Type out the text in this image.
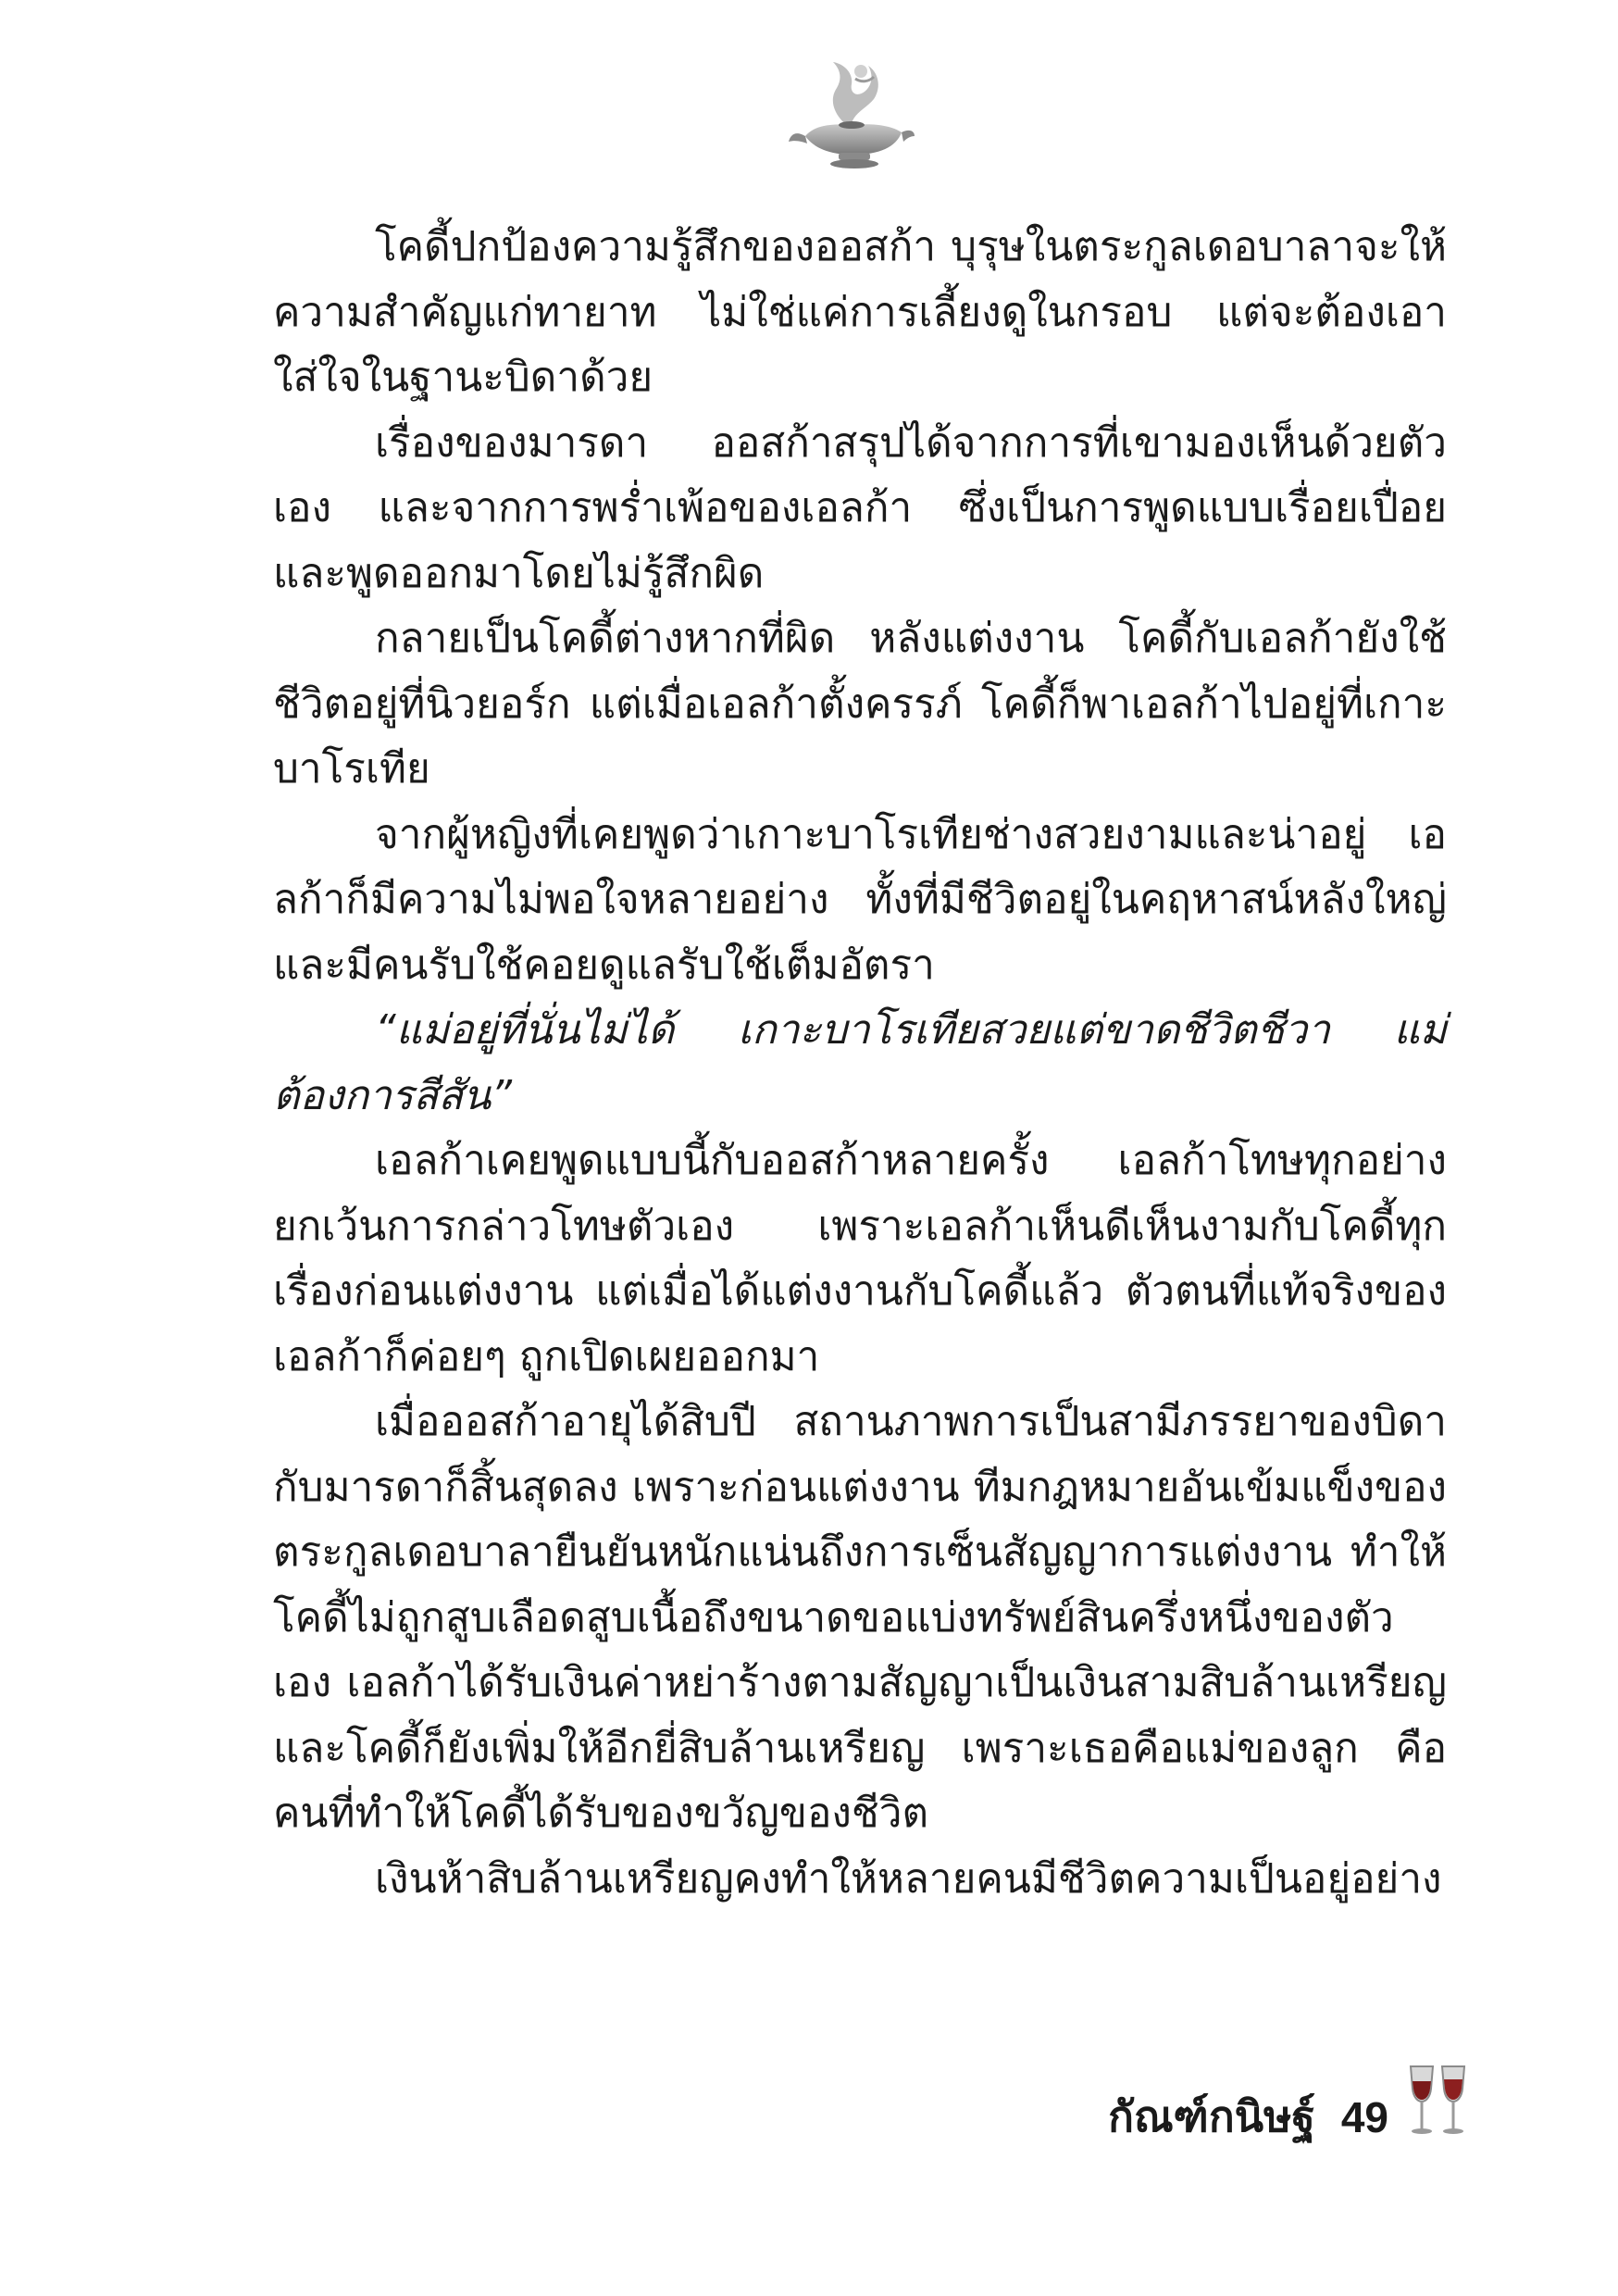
โคดี้ปกป้องความรู้สึกของออสก้า บุรุษในตระกูลเดอบาลาจะให้ความสำคัญแก่ทายาท ไม่ใช่แค่การเลี้ยงดูในกรอบ แต่จะต้องเอาใส่ใจในฐานะบิดาด้วย

เรื่องของมารดา ออสก้าสรุปได้จากการที่เขามองเห็นด้วยตัวเอง และจากการพร่ำเพ้อของเอลก้า ซึ่งเป็นการพูดแบบเรื่อยเปื่อย และพูดออกมาโดยไม่รู้สึกผิด

กลายเป็นโคดี้ต่างหากที่ผิด หลังแต่งงาน โคดี้กับเอลก้ายังใช้ชีวิตอยู่ที่นิวยอร์ก แต่เมื่อเอลก้าตั้งครรภ์ โคดี้ก็พาเอลก้าไปอยู่ที่เกาะบาโรเทีย

จากผู้หญิงที่เคยพูดว่าเกาะบาโรเทียช่างสวยงามและน่าอยู่ เอลก้าก็มีความไม่พอใจหลายอย่าง ทั้งที่มีชีวิตอยู่ในคฤหาสน์หลังใหญ่และมีคนรับใช้คอยดูแลรับใช้เต็มอัตรา

“แม่อยู่ที่นั่นไม่ได้ เกาะบาโรเทียสวยแต่ขาดชีวิตชีวา แม่ต้องการสีสัน”

เอลก้าเคยพูดแบบนี้กับออสก้าหลายครั้ง เอลก้าโทษทุกอย่างยกเว้นการกล่าวโทษตัวเอง เพราะเอลก้าเห็นดีเห็นงามกับโคดี้ทุกเรื่องก่อนแต่งงาน แต่เมื่อได้แต่งงานกับโคดี้แล้ว ตัวตนที่แท้จริงของเอลก้าก็ค่อยๆ ถูกเปิดเผยออกมา

เมื่อออสก้าอายุได้สิบปี สถานภาพการเป็นสามีภรรยาของบิดากับมารดาก็สิ้นสุดลง เพราะก่อนแต่งงาน ทีมกฎหมายอันเข้มแข็งของตระกูลเดอบาลายืนยันหนักแน่นถึงการเซ็นสัญญาการแต่งงาน ทำให้โคดี้ไม่ถูกสูบเลือดสูบเนื้อถึงขนาดขอแบ่งทรัพย์สินครึ่งหนึ่งของตัวเอง เอลก้าได้รับเงินค่าหย่าร้างตามสัญญาเป็นเงินสามสิบล้านเหรียญ และโคดี้ก็ยังเพิ่มให้อีกยี่สิบล้านเหรียญ เพราะเธอคือแม่ของลูก คือคนที่ทำให้โคดี้ได้รับของขวัญของชีวิต

เงินห้าสิบล้านเหรียญคงทำให้หลายคนมีชีวิตความเป็นอยู่อย่าง

กัณฑ์กนิษฐ์ 49
